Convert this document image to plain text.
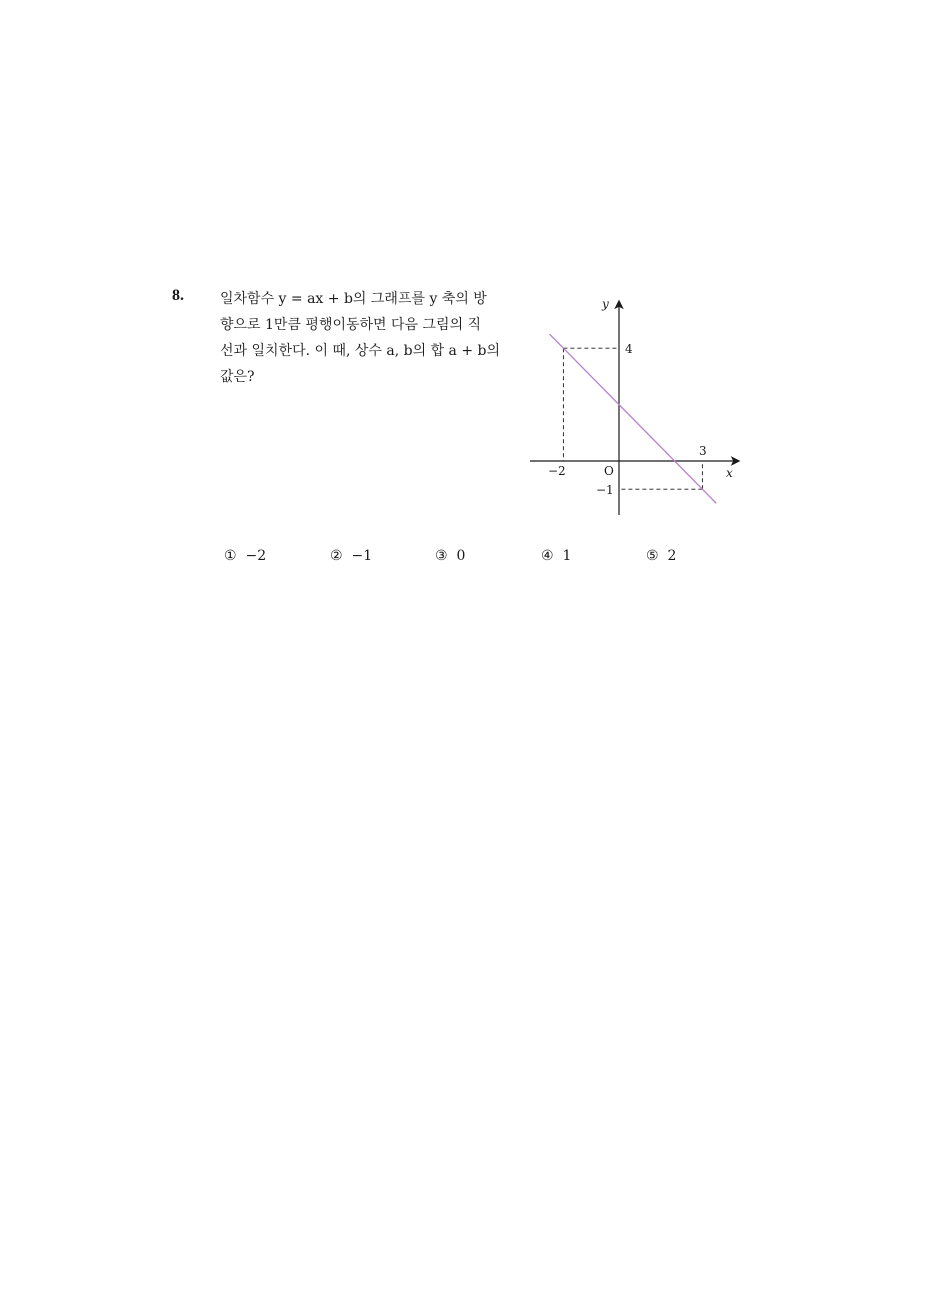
8.	일차함수 y = ax + b의 그래프를 y 축의 방
향으로 1만큼 평행이동하면 다음 그림의 직
선과 일치한다. 이 때, 상수 a, b의 합 a + b의
값은?
y
x
O
4
−2
3
−1
① −2	② −1	③ 0	④ 1	⑤ 2
